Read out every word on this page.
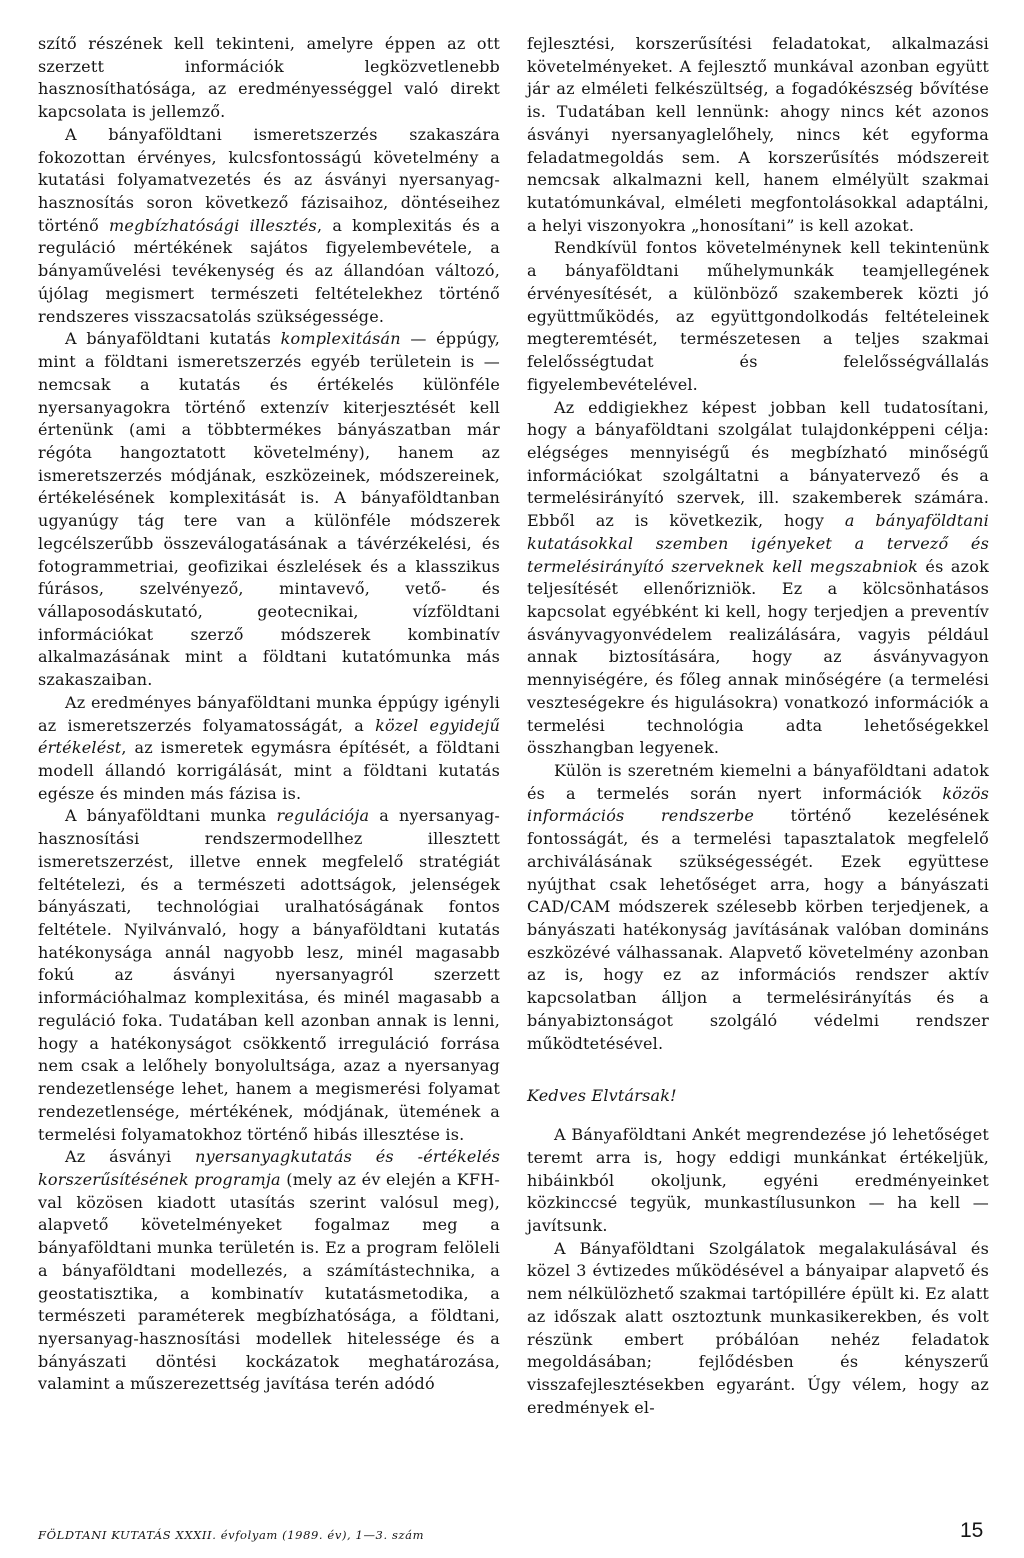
szítő részének kell tekinteni, amelyre éppen az ott szerzett információk legközvetlenebb hasznosíthatósága, az eredményességgel való direkt kapcsolata is jellemző.

A bányaföldtani ismeretszerzés szakaszára fokozottan érvényes, kulcsfontosságú követelmény a kutatási folyamatvezetés és az ásványi nyersanyag-hasznosítás soron következő fázisaihoz, döntéseihez történő megbízhatósági illesztés, a komplexitás és a reguláció mértékének sajátos figyelembevétele, a bányaművelési tevékenység és az állandóan változó, újólag megismert természeti feltételekhez történő rendszeres visszacsatolás szükségessége.

A bányaföldtani kutatás komplexitásán — éppúgy, mint a földtani ismeretszerzés egyéb területein is — nemcsak a kutatás és értékelés különféle nyersanyagokra történő extenzív kiterjesztését kell értenünk (ami a többtermékes bányászatban már régóta hangoztatott követelmény), hanem az ismeretszerzés módjának, eszközeinek, módszereinek, értékelésének komplexitását is. A bányaföldtanban ugyanúgy tág tere van a különféle módszerek legcélszerűbb összeválogatásának a távérzékelési, és fotogrammetriai, geofizikai észlelések és a klasszikus fúrásos, szelvényező, mintavevő, vető- és vállaposodáskutató, geotecnikai, vízföldtani információkat szerző módszerek kombinatív alkalmazásának mint a földtani kutatómunka más szakaszaiban.

Az eredményes bányaföldtani munka éppúgy igényli az ismeretszerzés folyamatosságát, a közel egyidejű értékelést, az ismeretek egymásra építését, a földtani modell állandó korrigálását, mint a földtani kutatás egésze és minden más fázisa is.

A bányaföldtani munka regulációja a nyersanyag-hasznosítási rendszermodellhez illesztett ismeretszerzést, illetve ennek megfelelő stratégiát feltételezi, és a természeti adottságok, jelenségek bányászati, technológiai uralhatóságának fontos feltétele. Nyilvánvaló, hogy a bányaföldtani kutatás hatékonysága annál nagyobb lesz, minél magasabb fokú az ásványi nyersanyagról szerzett információhalmaz komplexitása, és minél magasabb a reguláció foka. Tudatában kell azonban annak is lenni, hogy a hatékonyságot csökkentő irreguláció forrása nem csak a lelőhely bonyolultsága, azaz a nyersanyag rendezetlensége lehet, hanem a megismerési folyamat rendezetlensége, mértékének, módjának, ütemének a termelési folyamatokhoz történő hibás illesztése is.

Az ásványi nyersanyagkutatás és -értékelés korszerűsítésének programja (mely az év elején a KFH-val közösen kiadott utasítás szerint valósul meg), alapvető követelményeket fogalmaz meg a bányaföldtani munka területén is. Ez a program felöleli a bányaföldtani modellezés, a számítástechnika, a geostatisztika, a kombinatív kutatásmetodika, a természeti paraméterek megbízhatósága, a földtani, nyersanyag-hasznosítási modellek hitelessége és a bányászati döntési kockázatok meghatározása, valamint a műszerezettség javítása terén adódó

fejlesztési, korszerűsítési feladatokat, alkalmazási követelményeket. A fejlesztő munkával azonban együtt jár az elméleti felkészültség, a fogadókészség bővítése is. Tudatában kell lennünk: ahogy nincs két azonos ásványi nyersanyaglelőhely, nincs két egyforma feladatmegoldás sem. A korszerűsítés módszereit nemcsak alkalmazni kell, hanem elmélyült szakmai kutatómunkával, elméleti megfontolásokkal adaptálni, a helyi viszonyokra „honosítani” is kell azokat.

Rendkívül fontos követelménynek kell tekintenünk a bányaföldtani műhelymunkák teamjellegének érvényesítését, a különböző szakemberek közti jó együttműködés, az együttgondolkodás feltételeinek megteremtését, természetesen a teljes szakmai felelősségtudat és felelősségvállalás figyelembevételével.

Az eddigiekhez képest jobban kell tudatosítani, hogy a bányaföldtani szolgálat tulajdonképpeni célja: elégséges mennyiségű és megbízható minőségű információkat szolgáltatni a bányatervező és a termelésirányító szervek, ill. szakemberek számára. Ebből az is következik, hogy a bányaföldtani kutatásokkal szemben igényeket a tervező és termelésirányító szerveknek kell megszabniok és azok teljesítését ellenőrizniök. Ez a kölcsönhatásos kapcsolat egyébként ki kell, hogy terjedjen a preventív ásványvagyonvédelem realizálására, vagyis például annak biztosítására, hogy az ásványvagyon mennyiségére, és főleg annak minőségére (a termelési veszteségekre és higulásokra) vonatkozó információk a termelési technológia adta lehetőségekkel összhangban legyenek.

Külön is szeretném kiemelni a bányaföldtani adatok és a termelés során nyert információk közös információs rendszerbe történő kezelésének fontosságát, és a termelési tapasztalatok megfelelő archiválásának szükségességét. Ezek együttese nyújthat csak lehetőséget arra, hogy a bányászati CAD/CAM módszerek szélesebb körben terjedjenek, a bányászati hatékonyság javításának valóban domináns eszközévé válhassanak. Alapvető követelmény azonban az is, hogy ez az információs rendszer aktív kapcsolatban álljon a termelésirányítás és a bányabiztonságot szolgáló védelmi rendszer működtetésével.

Kedves Elvtársak!

A Bányaföldtani Ankét megrendezése jó lehetőséget teremt arra is, hogy eddigi munkánkat értékeljük, hibáinkból okoljunk, egyéni eredményeinket közkinccsé tegyük, munkastílusunkon — ha kell — javítsunk.

A Bányaföldtani Szolgálatok megalakulásával és közel 3 évtizedes működésével a bányaipar alapvető és nem nélkülözhető szakmai tartópillére épült ki. Ez alatt az időszak alatt osztoztunk munkasikerekben, és volt részünk embert próbálóan nehéz feladatok megoldásában; fejlődésben és kényszerű visszafejlesztésekben egyaránt. Úgy vélem, hogy az eredmények el-

FÖLDTANI KUTATÁS XXXII. évfolyam (1989. év), 1—3. szám	15
